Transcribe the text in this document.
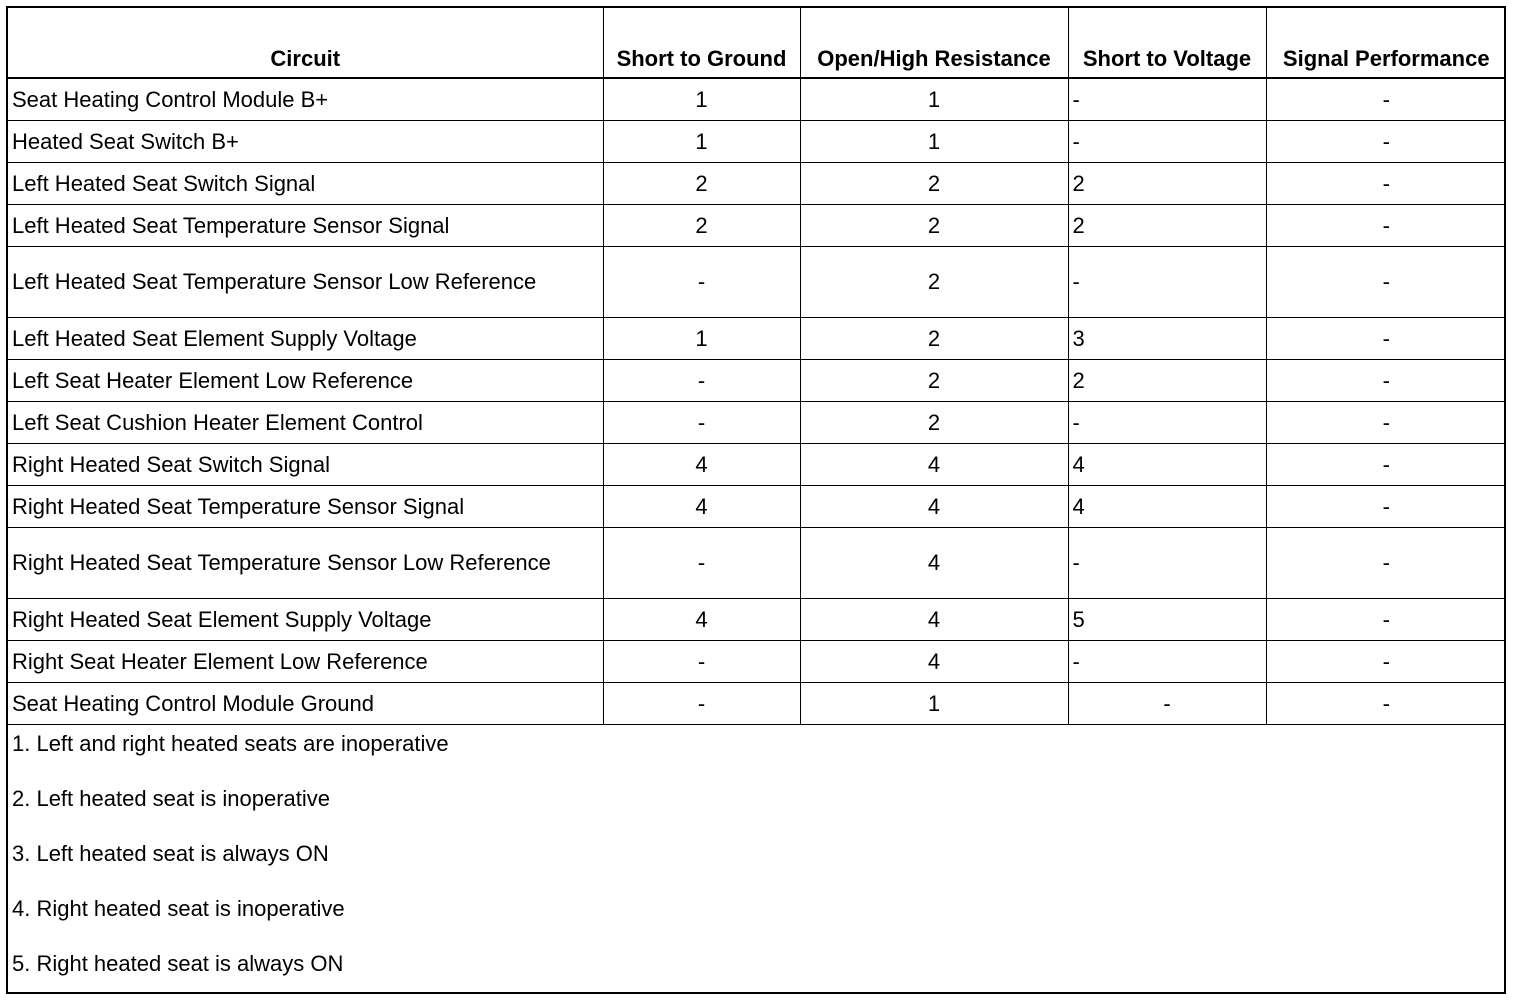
Circuit	Short to Ground	Open/High Resistance	Short to Voltage	Signal Performance
Seat Heating Control Module B+	1	1	-	-
Heated Seat Switch B+	1	1	-	-
Left Heated Seat Switch Signal	2	2	2	-
Left Heated Seat Temperature Sensor Signal	2	2	2	-
Left Heated Seat Temperature Sensor Low Reference	-	2	-	-
Left Heated Seat Element Supply Voltage	1	2	3	-
Left Seat Heater Element Low Reference	-	2	2	-
Left Seat Cushion Heater Element Control	-	2	-	-
Right Heated Seat Switch Signal	4	4	4	-
Right Heated Seat Temperature Sensor Signal	4	4	4	-
Right Heated Seat Temperature Sensor Low Reference	-	4	-	-
Right Heated Seat Element Supply Voltage	4	4	5	-
Right Seat Heater Element Low Reference	-	4	-	-
Seat Heating Control Module Ground	-	1	-	-
1. Left and right heated seats are inoperative
2. Left heated seat is inoperative
3. Left heated seat is always ON
4. Right heated seat is inoperative
5. Right heated seat is always ON
